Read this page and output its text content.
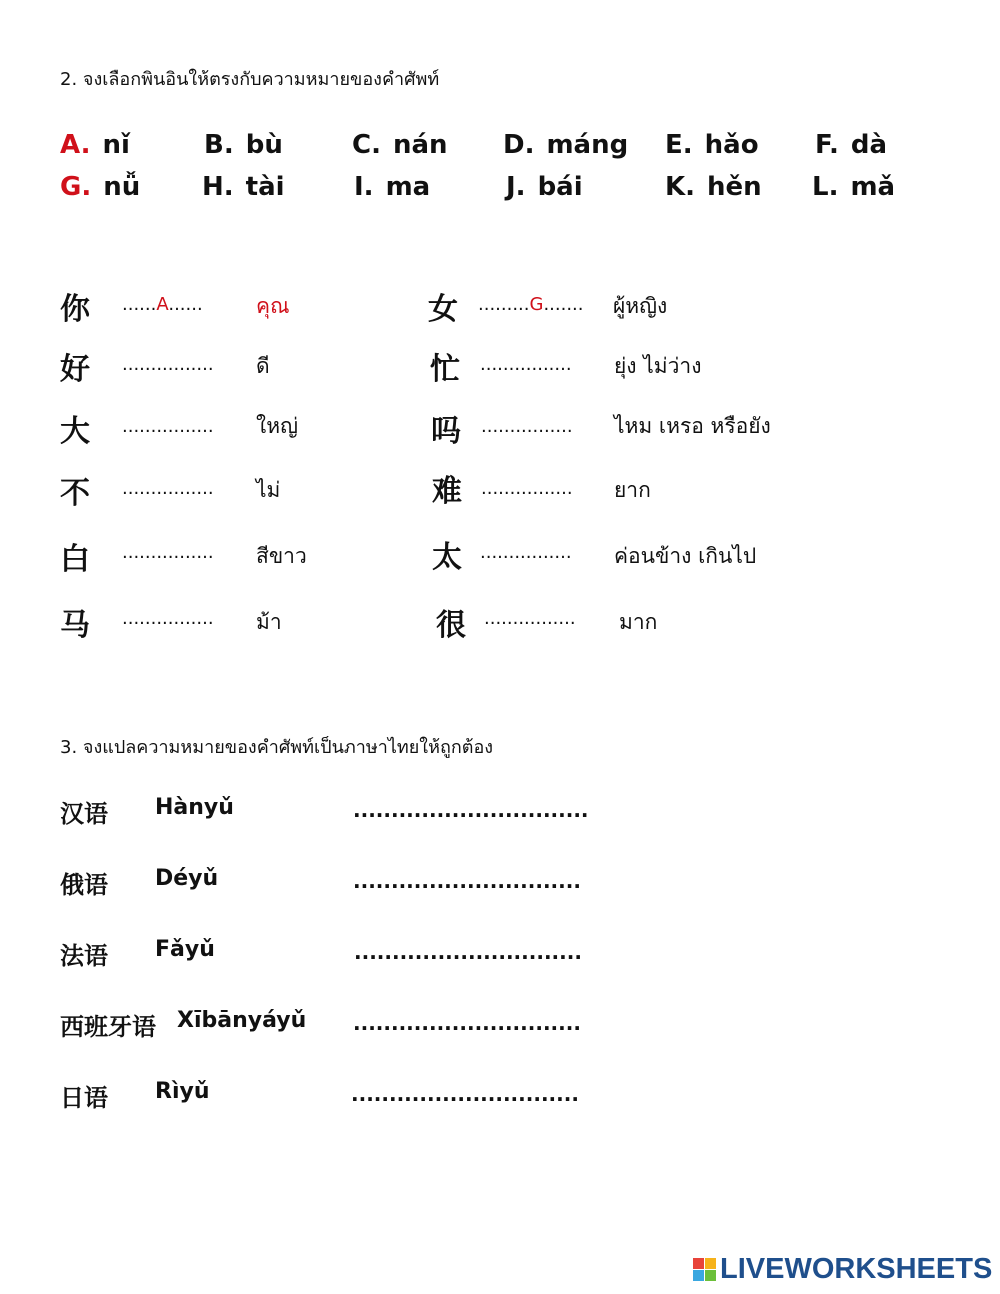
2. จงเลือกพินอินให้ตรงกับความหมายของคำศัพท์
A. nǐ	B. bù	C. nán D. máng E. hǎo F. dà
G. nǚ H. tài	I. ma	J. bái	K. hěn L. mǎ
你 ......A......	คุณ	女 .........G....... ผู้หญิง
好 ................ ดี	忙 ................ ยุ่ง ไม่ว่าง
大 ................ ใหญ่	吗 ................ ไหม เหรอ หรือยัง
不 ................ ไม่	难 ................ ยาก
白 ................ สีขาว	太 ................ ค่อนข้าง เกินไป
马 ................ ม้า	很 ................ มาก
3. จงแปลความหมายของคำศัพท์เป็นภาษาไทยให้ถูกต้อง
汉语 Hànyǔ	...............................
俄语 Déyǔ	..............................
法语 Fǎyǔ	..............................
西班牙语 Xībānyáyǔ ..............................
日语 Rìyǔ	..............................
LIVEWORKSHEETS
